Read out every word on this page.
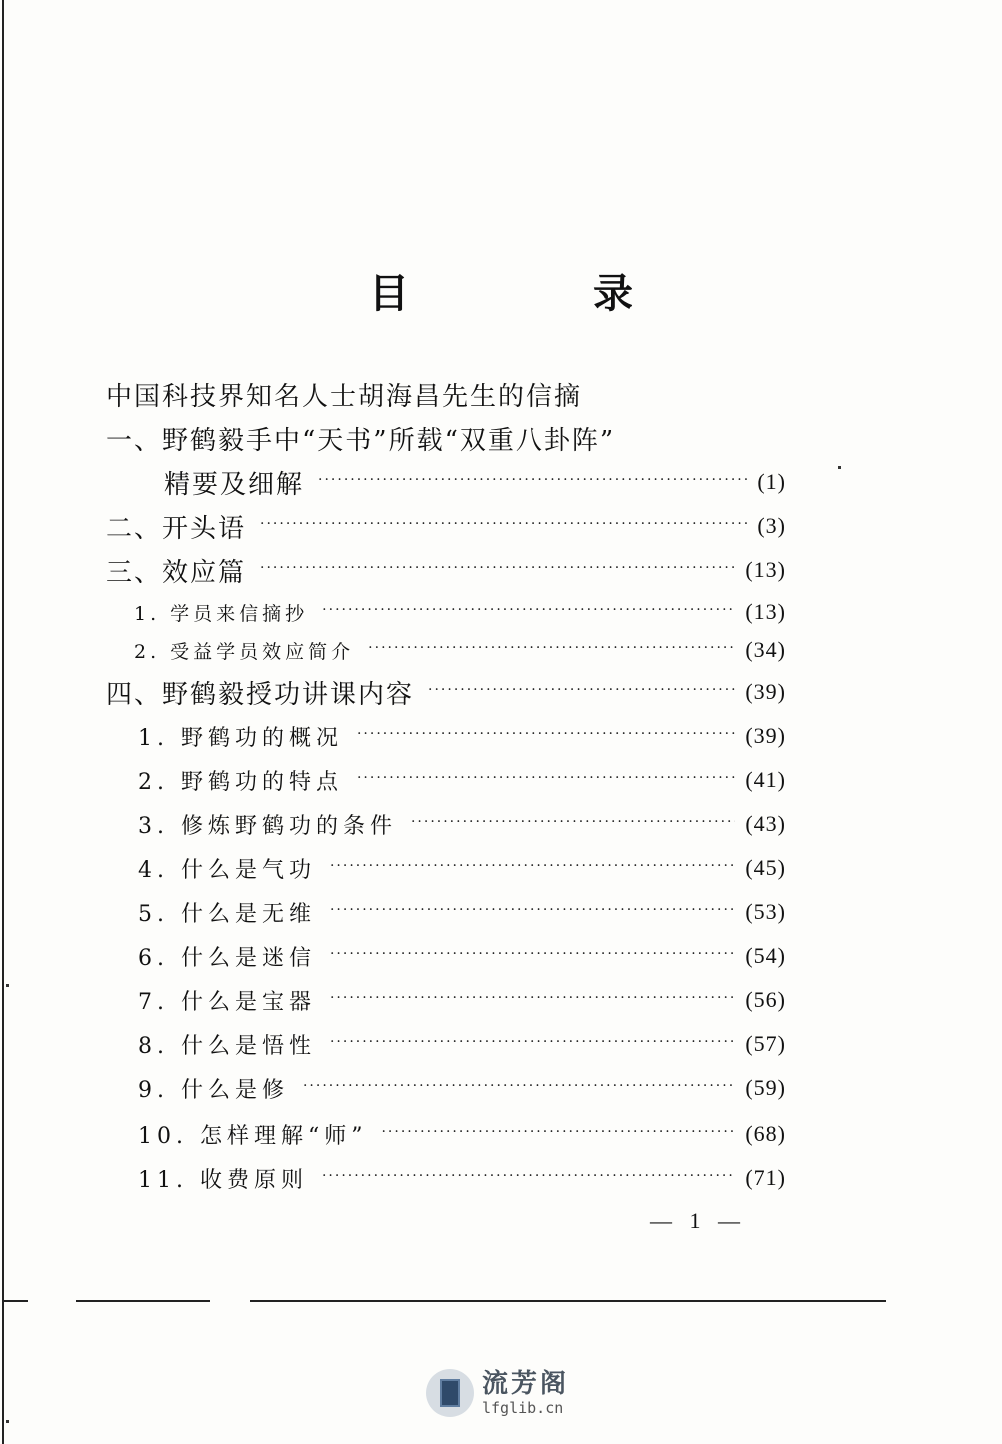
目　录
中国科技界知名人士胡海昌先生的信摘
一、野鹤毅手中“天书”所载“双重八卦阵”
精要及细解 ·····	(1)
二、开头语 ·····	(3)
三、效应篇 ·····	(13)
1. 学员来信摘抄 ·····	(13)
2. 受益学员效应简介 ·····	(34)
四、野鹤毅授功讲课内容 ·····	(39)
1. 野鹤功的概况 ·····	(39)
2. 野鹤功的特点 ·····	(41)
3. 修炼野鹤功的条件 ·····	(43)
4. 什么是气功 ·····	(45)
5. 什么是无维 ·····	(53)
6. 什么是迷信 ·····	(54)
7. 什么是宝器 ·····	(56)
8. 什么是悟性 ·····	(57)
9. 什么是修 ·····	(59)
10. 怎样理解“师” ·····	(68)
11. 收费原则 ·····	(71)
— 1 —
流芳阁
lfglib.cn
